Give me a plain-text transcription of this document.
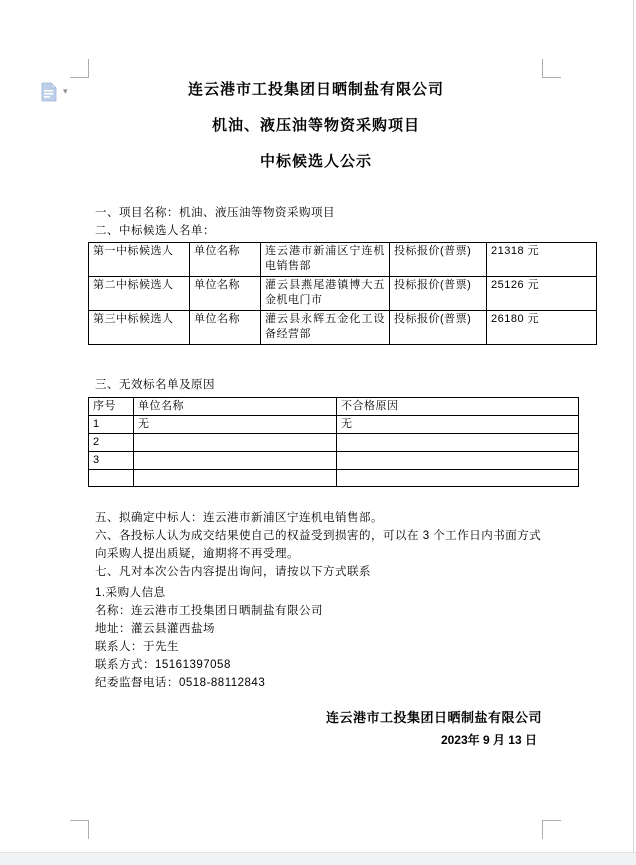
▾	连云港市工投集团日晒制盐有限公司

机油、液压油等物资采购项目

中标候选人公示

一、项目名称：机油、液压油等物资采购项目

二、中标候选人名单：

第一中标候选人	单位名称	连云港市新浦区宁连机电销售部	投标报价(普票)	21318 元
第二中标候选人	单位名称	灌云县燕尾港镇博大五金机电门市	投标报价(普票)	25126 元
第三中标候选人	单位名称	灌云县永辉五金化工设备经营部	投标报价(普票)	26180 元

三、无效标名单及原因

序号	单位名称	不合格原因
1	无	无
2		
3		

五、拟确定中标人：连云港市新浦区宁连机电销售部。

六、各投标人认为成交结果使自己的权益受到损害的，可以在 3 个工作日内书面方式向采购人提出质疑，逾期将不再受理。

七、凡对本次公告内容提出询问，请按以下方式联系

1.采购人信息

名称：连云港市工投集团日晒制盐有限公司

地址：灌云县灌西盐场

联系人：于先生

联系方式：15161397058

纪委监督电话：0518-88112843

连云港市工投集团日晒制盐有限公司

2023年 9 月 13 日
